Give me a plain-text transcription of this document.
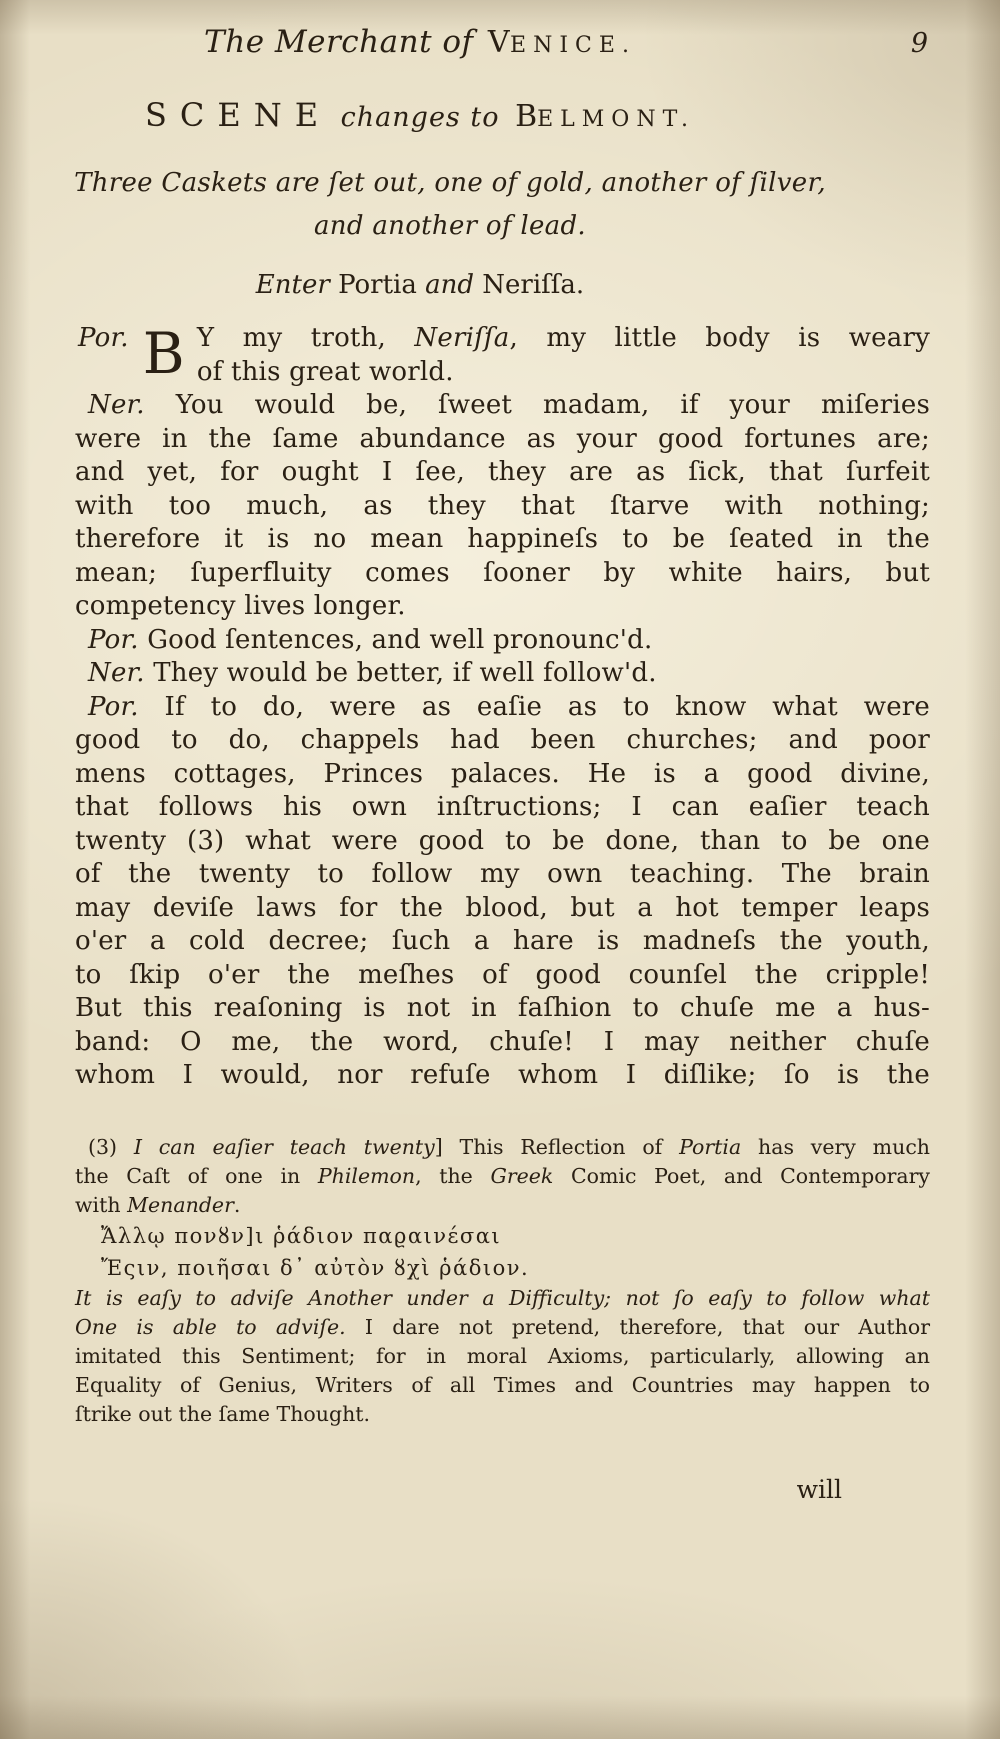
The Merchant of VENICE.	9
SCENE changes to BELMONT.
Three Caskets are ſet out, one of gold, another of ſilver,
and another of lead.
Enter Portia and Neriſſa.
Por. B Y my troth, Neriſſa, my little body is weary
of this great world.
Ner. You would be, ſweet madam, if your miſeries
were in the ſame abundance as your good fortunes are;
and yet, for ought I ſee, they are as ſick, that ſurfeit
with too much, as they that ſtarve with nothing;
therefore it is no mean happineſs to be ſeated in the
mean; ſuperfluity comes ſooner by white hairs, but
competency lives longer.
Por. Good ſentences, and well pronounc'd.
Ner. They would be better, if well follow'd.
Por. If to do, were as eaſie as to know what were
good to do, chappels had been churches; and poor
mens cottages, Princes palaces. He is a good divine,
that follows his own inſtructions; I can eaſier teach
twenty (3) what were good to be done, than to be one
of the twenty to follow my own teaching. The brain
may deviſe laws for the blood, but a hot temper leaps
o'er a cold decree; ſuch a hare is madneſs the youth,
to ſkip o'er the meſhes of good counſel the cripple!
But this reaſoning is not in faſhion to chuſe me a hus-
band: O me, the word, chuſe! I may neither chuſe
whom I would, nor refuſe whom I diſlike; ſo is the
(3) I can eaſier teach twenty] This Reflection of Portia has very much
the Caſt of one in Philemon, the Greek Comic Poet, and Contemporary
with Menander.
Ἄλλῳ πονȣν]ι ῥάδιον παϱαινέσαι
Ἔςιν, ποιῆσαι δ᾽ αὐτὸν ȣχὶ ῥάδιον.
It is eaſy to adviſe Another under a Difficulty; not ſo eaſy to follow what
One is able to adviſe. I dare not pretend, therefore, that our Author
imitated this Sentiment; for in moral Axioms, particularly, allowing an
Equality of Genius, Writers of all Times and Countries may happen to
ſtrike out the ſame Thought.
will
